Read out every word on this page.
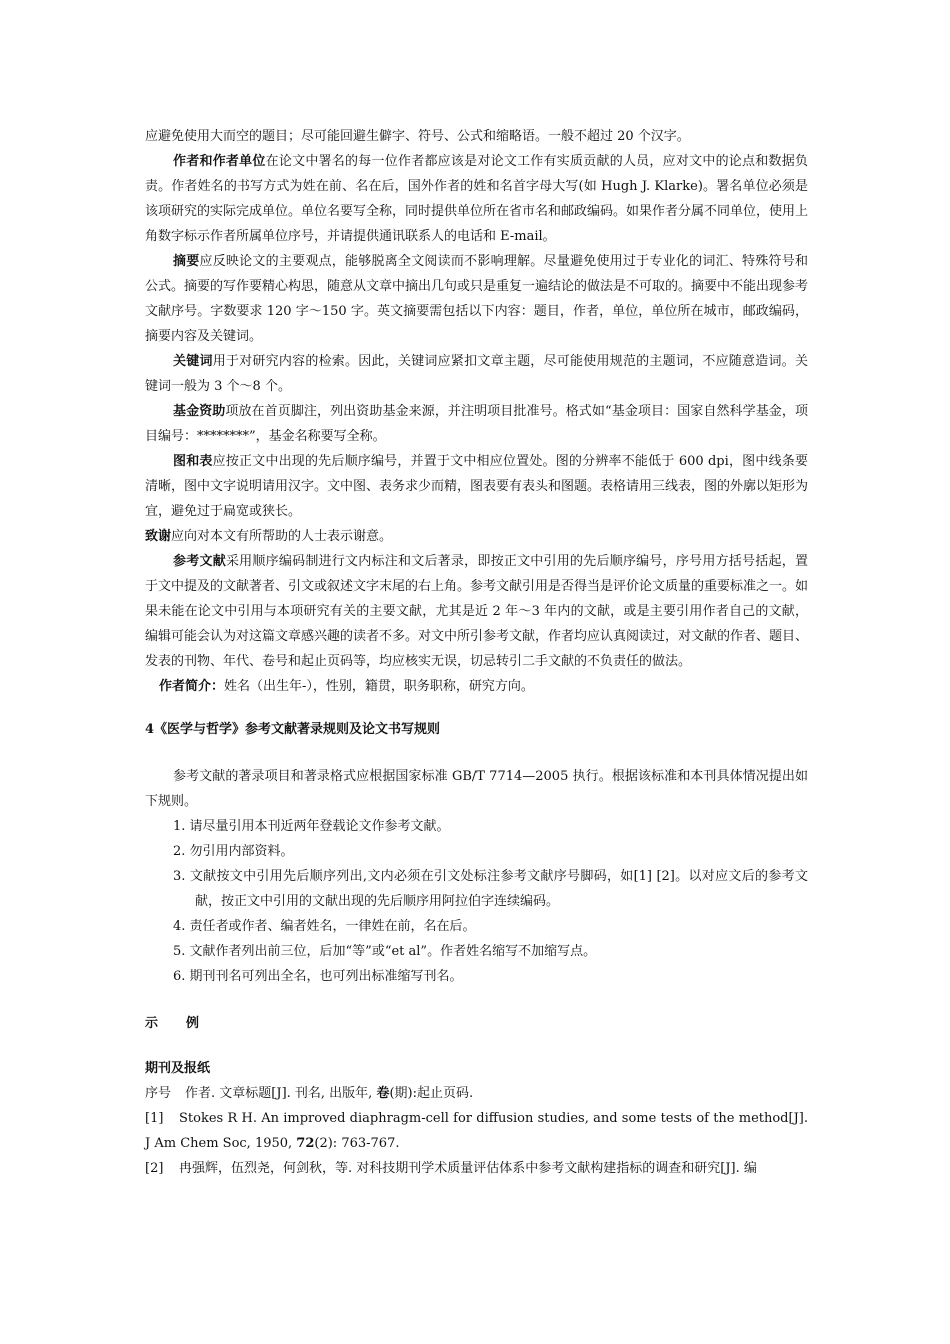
应避免使用大而空的题目；尽可能回避生僻字、符号、公式和缩略语。一般不超过 20 个汉字。

作者和作者单位在论文中署名的每一位作者都应该是对论文工作有实质贡献的人员，应对文中的论点和数据负责。作者姓名的书写方式为姓在前、名在后，国外作者的姓和名首字母大写(如 Hugh J. Klarke)。署名单位必须是该项研究的实际完成单位。单位名要写全称，同时提供单位所在省市名和邮政编码。如果作者分属不同单位，使用上角数字标示作者所属单位序号，并请提供通讯联系人的电话和 E-mail。

摘要应反映论文的主要观点，能够脱离全文阅读而不影响理解。尽量避免使用过于专业化的词汇、特殊符号和公式。摘要的写作要精心构思，随意从文章中摘出几句或只是重复一遍结论的做法是不可取的。摘要中不能出现参考文献序号。字数要求 120 字～150 字。英文摘要需包括以下内容：题目，作者，单位，单位所在城市，邮政编码，摘要内容及关键词。

关键词用于对研究内容的检索。因此，关键词应紧扣文章主题，尽可能使用规范的主题词，不应随意造词。关键词一般为 3 个～8 个。

基金资助项放在首页脚注，列出资助基金来源，并注明项目批准号。格式如“基金项目：国家自然科学基金，项目编号：********”，基金名称要写全称。

图和表应按正文中出现的先后顺序编号，并置于文中相应位置处。图的分辨率不能低于 600 dpi，图中线条要清晰，图中文字说明请用汉字。文中图、表务求少而精，图表要有表头和图题。表格请用三线表，图的外廓以矩形为宜，避免过于扁宽或狭长。

致谢应向对本文有所帮助的人士表示谢意。

参考文献采用顺序编码制进行文内标注和文后著录，即按正文中引用的先后顺序编号，序号用方括号括起，置于文中提及的文献著者、引文或叙述文字末尾的右上角。参考文献引用是否得当是评价论文质量的重要标准之一。如果未能在论文中引用与本项研究有关的主要文献，尤其是近 2 年～3 年内的文献，或是主要引用作者自己的文献，编辑可能会认为对这篇文章感兴趣的读者不多。对文中所引参考文献，作者均应认真阅读过，对文献的作者、题目、发表的刊物、年代、卷号和起止页码等，均应核实无误，切忌转引二手文献的不负责任的做法。

作者简介：姓名（出生年-），性别，籍贯，职务职称，研究方向。

4《医学与哲学》参考文献著录规则及论文书写规则

参考文献的著录项目和著录格式应根据国家标准 GB/T 7714—2005 执行。根据该标准和本刊具体情况提出如下规则。

1. 请尽量引用本刊近两年登载论文作参考文献。

2. 勿引用内部资料。

3. 文献按文中引用先后顺序列出,文内必须在引文处标注参考文献序号脚码，如[1] [2]。以对应文后的参考文献，按正文中引用的文献出现的先后顺序用阿拉伯字连续编码。

4. 责任者或作者、编者姓名，一律姓在前，名在后。

5. 文献作者列出前三位，后加“等”或“et al”。作者姓名缩写不加缩写点。

6. 期刊刊名可列出全名，也可列出标准缩写刊名。

示 例

期刊及报纸

序号 作者. 文章标题[J]. 刊名, 出版年, 卷(期):起止页码.

[1] Stokes R H. An improved diaphragm-cell for diffusion studies, and some tests of the method[J]. J Am Chem Soc, 1950, 72(2): 763-767.

[2] 冉强辉，伍烈尧，何剑秋，等. 对科技期刊学术质量评估体系中参考文献构建指标的调查和研究[J]. 编
